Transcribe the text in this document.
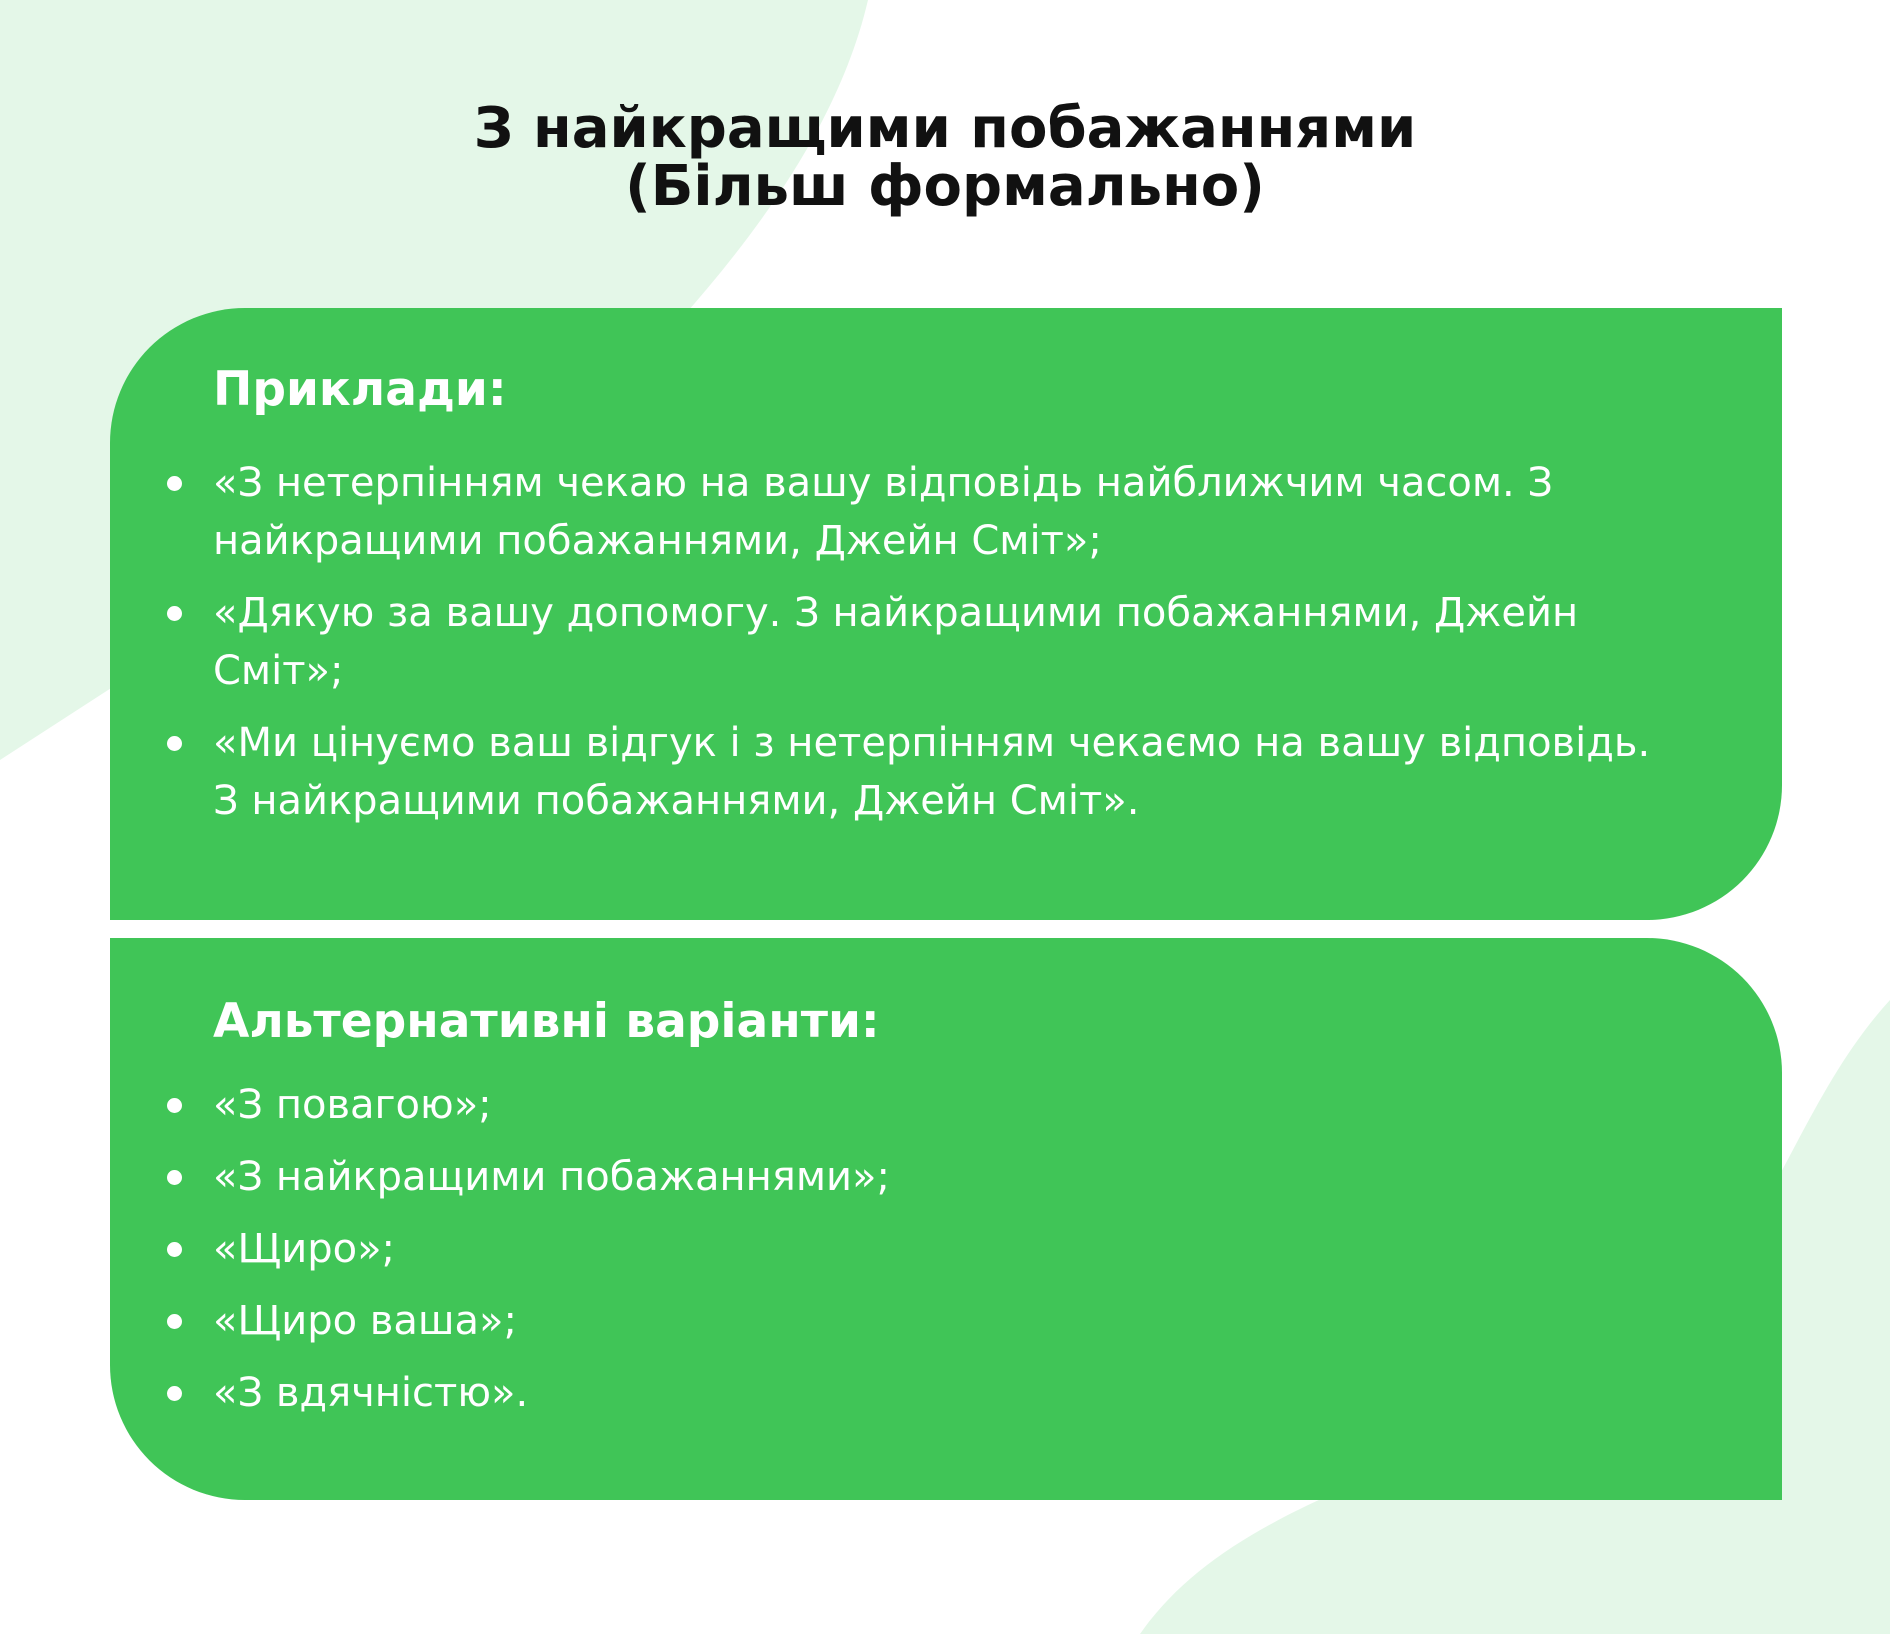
З найкращими побажаннями
(Більш формально)
Приклади:
«З нетерпінням чекаю на вашу відповідь найближчим часом. З найкращими побажаннями, Джейн Сміт»;
«Дякую за вашу допомогу. З найкращими побажаннями, Джейн Сміт»;
«Ми цінуємо ваш відгук і з нетерпінням чекаємо на вашу відповідь. З найкращими побажаннями, Джейн Сміт».
Альтернативні варіанти:
«З повагою»;
«З найкращими побажаннями»;
«Щиро»;
«Щиро ваша»;
«З вдячністю».
